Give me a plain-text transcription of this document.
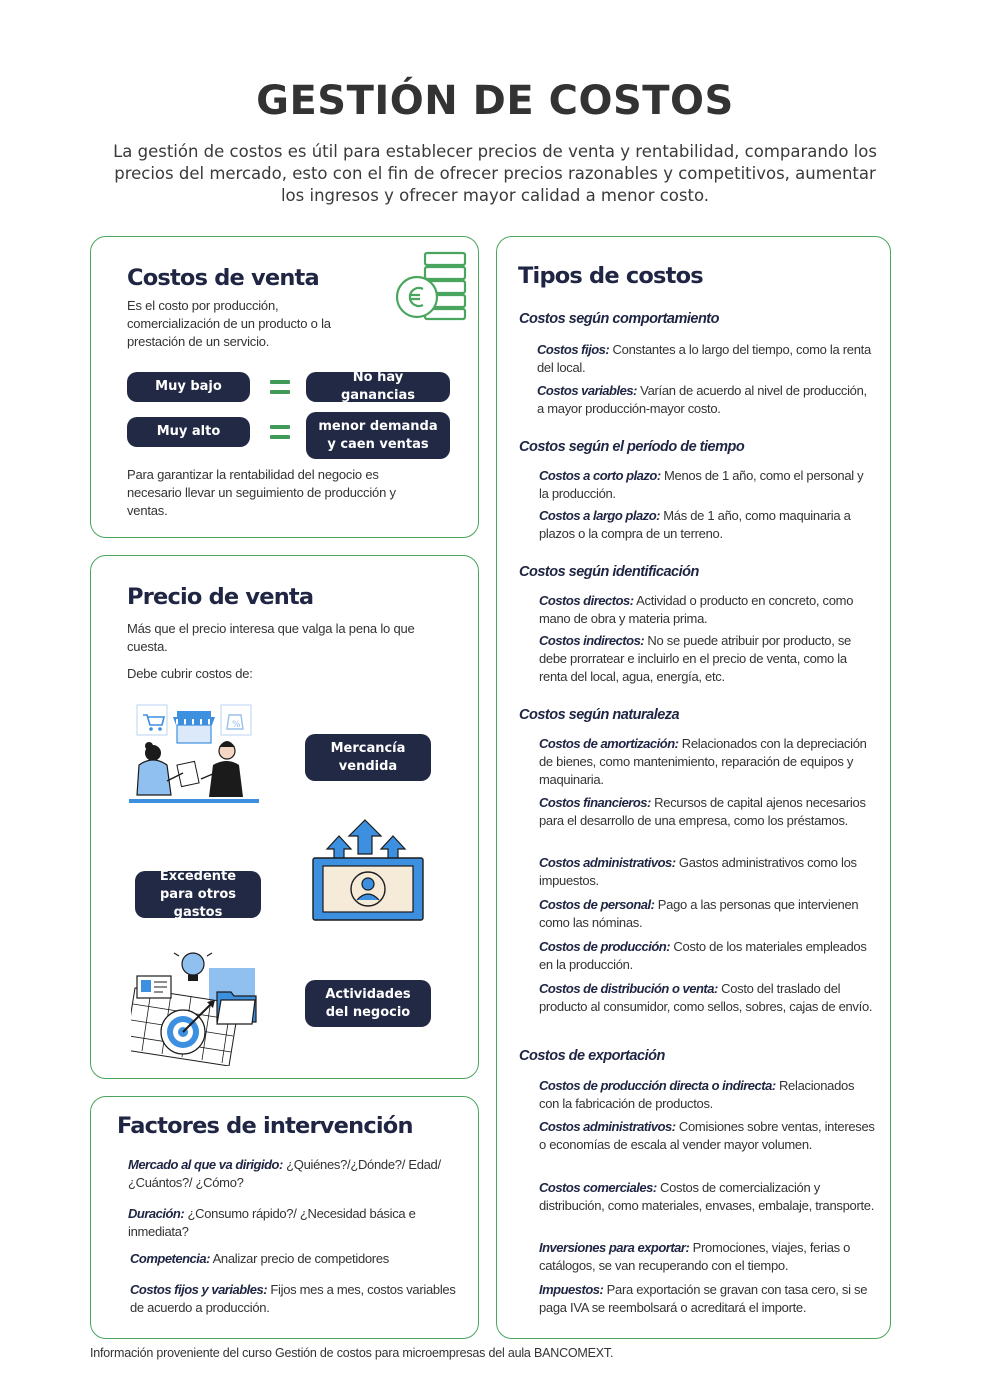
GESTIÓN DE COSTOS

La gestión de costos es útil para establecer precios de venta y rentabilidad, comparando los precios del mercado, esto con el fin de ofrecer precios razonables y competitivos, aumentar los ingresos y ofrecer mayor calidad a menor costo.

Costos de venta

Es el costo por producción, comercialización de un producto o la prestación de un servicio.

Muy bajo
No hay ganancias
Muy alto	menor demanda y caen ventas

Para garantizar la rentabilidad del negocio es necesario llevar un seguimiento de producción y ventas.

Precio de venta

Más que el precio interesa que valga la pena lo que cuesta.

Debe cubrir costos de:

%
Mercancía vendida
Excedente para otros gastos
Actividades del negocio
Factores de intervención

Mercado al que va dirigido: ¿Quiénes?/¿Dónde?/ Edad/ ¿Cuántos?/ ¿Cómo?

Duración: ¿Consumo rápido?/ ¿Necesidad básica e inmediata?

Competencia: Analizar precio de competidores

Costos fijos y variables: Fijos mes a mes, costos variables de acuerdo a producción.

Tipos de costos
Costos según comportamiento

Costos fijos: Constantes a lo largo del tiempo, como la renta del local.

Costos variables: Varían de acuerdo al nivel de producción, a mayor producción-mayor costo.

Costos según el período de tiempo

Costos a corto plazo: Menos de 1 año, como el personal y la producción.

Costos a largo plazo: Más de 1 año, como maquinaria a plazos o la compra de un terreno.

Costos según identificación

Costos directos: Actividad o producto en concreto, como mano de obra y materia prima.

Costos indirectos: No se puede atribuir por producto, se debe prorratear e incluirlo en el precio de venta, como la renta del local, agua, energía, etc.

Costos según naturaleza

Costos de amortización: Relacionados con la depreciación de bienes, como mantenimiento, reparación de equipos y maquinaria.

Costos financieros: Recursos de capital ajenos necesarios para el desarrollo de una empresa, como los préstamos.

Costos administrativos: Gastos administrativos como los impuestos.

Costos de personal: Pago a las personas que intervienen como las nóminas.

Costos de producción: Costo de los materiales empleados en la producción.

Costos de distribución o venta: Costo del traslado del producto al consumidor, como sellos, sobres, cajas de envío.

Costos de exportación

Costos de producción directa o indirecta: Relacionados con la fabricación de productos.

Costos administrativos: Comisiones sobre ventas, intereses o economías de escala al vender mayor volumen.

Costos comerciales: Costos de comercialización y distribución, como materiales, envases, embalaje, transporte.

Inversiones para exportar: Promociones, viajes, ferias o catálogos, se van recuperando con el tiempo.

Impuestos: Para exportación se gravan con tasa cero, si se paga IVA se reembolsará o acreditará el importe.

Información proveniente del curso Gestión de costos para microempresas del aula BANCOMEXT.
